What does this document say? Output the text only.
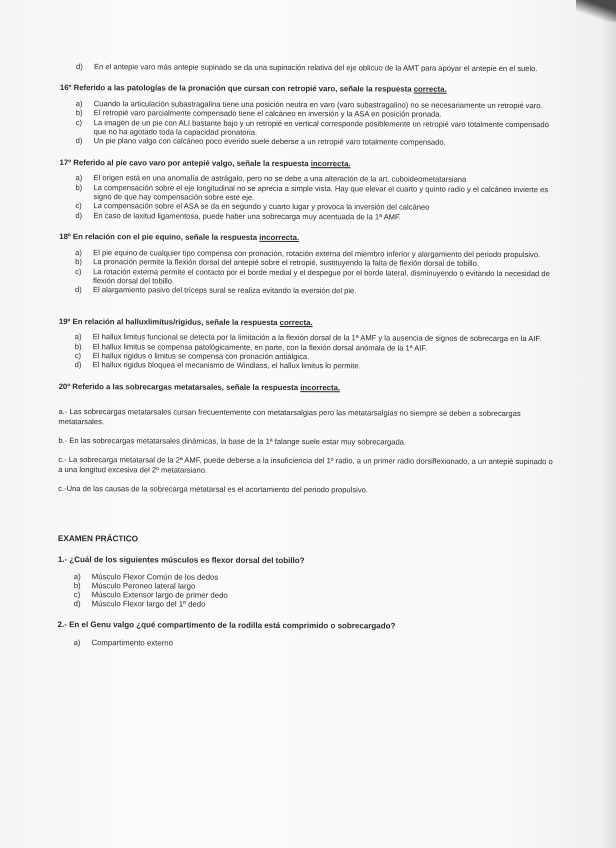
d)	En el antepie varo más antepie supinado se da una supinación relativa del eje oblicuo de la AMT para apoyar el antepie en el suelo.
16º Referido a las patologías de la pronación que cursan con retropié varo, señale la respuesta correcta.
a)	Cuando la articulación subastragalina tiene una posición neutra en varo (varo subastragalino) no se necesariamente un retropié varo.
b)	El retropié varo parcialmente compensado tiene el calcáneo en inversión y la ASA en posición pronada.
c)	La imagen de un pie con ALI bastante bajo y un retropié en vertical corresponde posiblemente un retropié varo totalmente compensado que no ha agotado toda la capacidad pronatoria.
d)	Un pie plano valgo con calcáneo poco everido suele deberse a un retropié varo totalmente compensado.
17º Referido al pie cavo varo por antepié valgo, señale la respuesta incorrecta.
a)	El origen está en una anomalía de astrágalo, pero no se debe a una alteración de la art. cuboideometatarsiana
b)	La compensación sobre el eje longitudinal no se aprecia a simple vista. Hay que elevar el cuarto y quinto radio y el calcáneo invierte es signo de que hay compensación sobre este eje.
c)	La compensación sobre el ASA se da en segundo y cuarto lugar y provoca la inversión del calcáneo
d)	En caso de laxitud ligamentosa, puede haber una sobrecarga muy acentuada de la 1ª AMF.
18º En relación con el pie equino, señale la respuesta incorrecta.
a)	El pie equino de cualquier tipo compensa con pronación, rotación externa del miembro inferior y alargamiento del periodo propulsivo.
b)	La pronación permite la flexión dorsal del antepié sobre el retropié, sustituyendo la falta de flexión dorsal de tobillo.
c)	La rotación externa permite el contacto por el borde medial y el despegue por el borde lateral, disminuyendo o evitando la necesidad de flexión dorsal del tobillo.
d)	El alargamiento pasivo del tríceps sural se realiza evitando la eversión del pie.
19º En relación al halluxlimitus/rigidus, señale la respuesta correcta.
a)	El hallux limitus funcional se detecta por la limitación a la flexión dorsal de la 1ª AMF y la ausencia de signos de sobrecarga en la AIF.
b)	El hallux limitus se compensa patológicamente, en parte, con la flexión dorsal anómala de la 1ª AIF.
c)	El hallux rigidus o limitus se compensa con pronación antiálgica.
d)	El hallux rigidus bloquea el mecanismo de Windlass, el hallux limitus lo permite.
20º Referido a las sobrecargas metatarsales, señale la respuesta incorrecta.
a.- Las sobrecargas metatarsales cursan frecuentemente con metatarsalgias pero las metatarsalgias no siempre se deben a sobrecargas metatarsales.
b.- En las sobrecargas metatarsales dinámicas, la base de la 1ª falange suele estar muy sobrecargada.
c.- La sobrecarga metatarsal de la 2ª AMF, puede deberse a la insuficiencia del 1º radio, a un primer radio dorsiflexionado, a un antepié supinado o a una longitud excesiva del 2º metatarsiano.
c.-Una de las causas de la sobrecarga metatarsal es el acortamiento del periodo propulsivo.
EXAMEN PRÁCTICO
1.- ¿Cuál de los siguientes músculos es flexor dorsal del tobillo?
a)	Músculo Flexor Común de los dedos
b)	Músculo Peroneo lateral largo
c)	Músculo Extensor largo de primer dedo
d)	Músculo Flexor largo del 1º dedo
2.- En el Genu valgo ¿qué compartimento de la rodilla está comprimido o sobrecargado?
a)	Compartimento externo
